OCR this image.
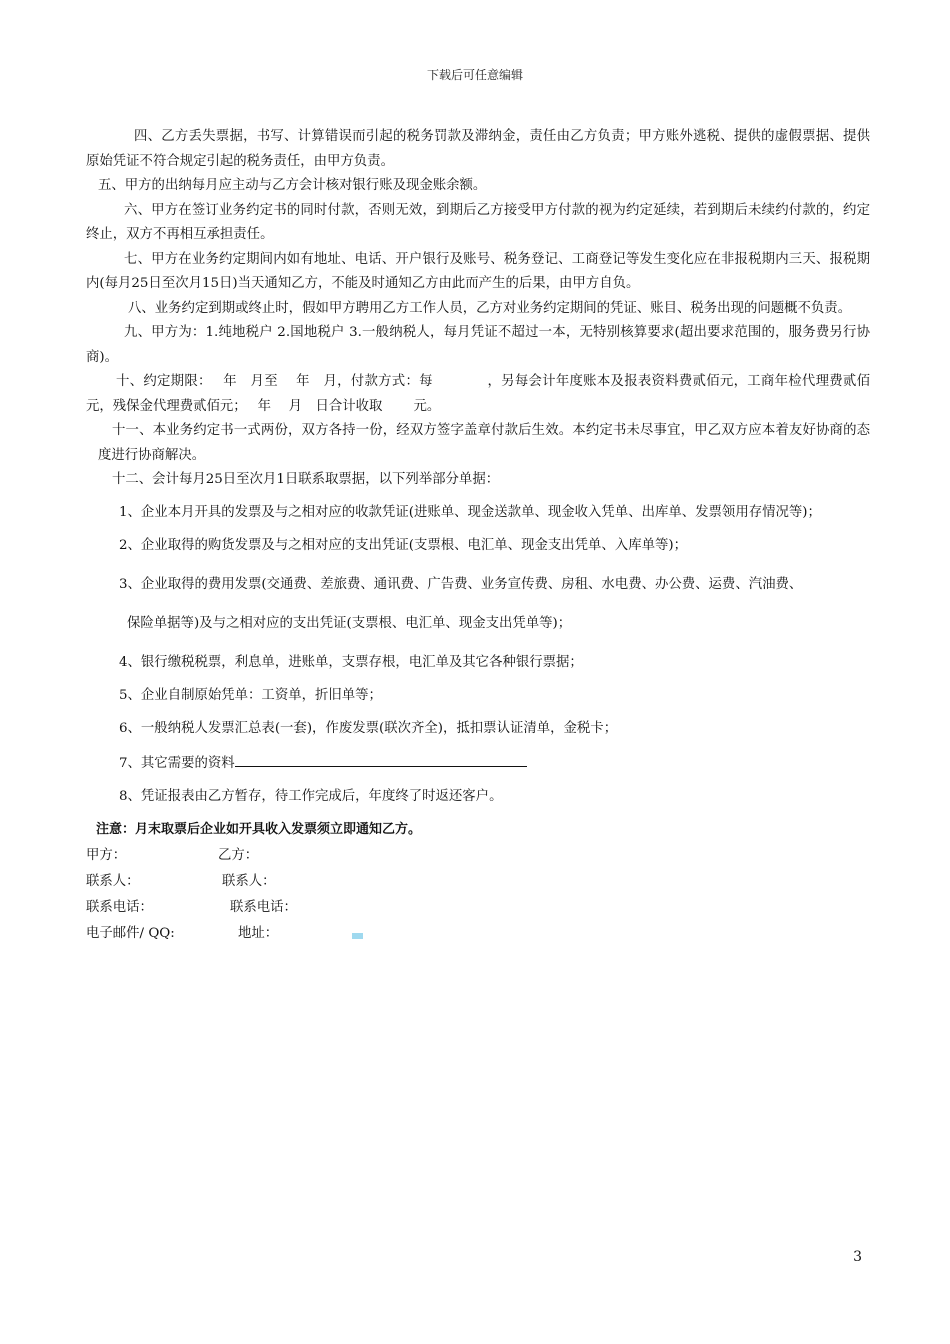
下载后可任意编辑

四、乙方丢失票据，书写、计算错误而引起的税务罚款及滞纳金，责任由乙方负责；甲方账外逃税、提供的虚假票据、提供原始凭证不符合规定引起的税务责任，由甲方负责。

五、甲方的出纳每月应主动与乙方会计核对银行账及现金账余额。

六、甲方在签订业务约定书的同时付款，否则无效，到期后乙方接受甲方付款的视为约定延续，若到期后未续约付款的，约定终止，双方不再相互承担责任。

七、甲方在业务约定期间内如有地址、电话、开户银行及账号、税务登记、工商登记等发生变化应在非报税期内三天、报税期内(每月25日至次月15日)当天通知乙方，不能及时通知乙方由此而产生的后果，由甲方自负。

八、业务约定到期或终止时，假如甲方聘用乙方工作人员，乙方对业务约定期间的凭证、账目、税务出现的问题概不负责。

九、甲方为：1.纯地税户 2.国地税户 3.一般纳税人，每月凭证不超过一本，无特别核算要求(超出要求范围的，服务费另行协商)。

十、约定期限：　 年　月至　 年　月，付款方式：每　　　　，另每会计年度账本及报表资料费贰佰元，工商年检代理费贰佰元，残保金代理费贰佰元；　 年　 月　日合计收取　　 元。

十一、本业务约定书一式两份，双方各持一份，经双方签字盖章付款后生效。本约定书未尽事宜，甲乙双方应本着友好协商的态度进行协商解决。

十二、会计每月25日至次月1日联系取票据，以下列举部分单据：

1、企业本月开具的发票及与之相对应的收款凭证(进账单、现金送款单、现金收入凭单、出库单、发票领用存情况等)；

2、企业取得的购货发票及与之相对应的支出凭证(支票根、电汇单、现金支出凭单、入库单等)；

3、企业取得的费用发票(交通费、差旅费、通讯费、广告费、业务宣传费、房租、水电费、办公费、运费、汽油费、

保险单据等)及与之相对应的支出凭证(支票根、电汇单、现金支出凭单等)；

4、银行缴税税票，利息单，进账单，支票存根，电汇单及其它各种银行票据；

5、企业自制原始凭单：工资单，折旧单等；

6、一般纳税人发票汇总表(一套)，作废发票(联次齐全)，抵扣票认证清单，金税卡；

7、其它需要的资料

8、凭证报表由乙方暂存，待工作完成后，年度终了时返还客户。

注意：月末取票后企业如开具收入发票须立即通知乙方。
甲方：	乙方：
联系人：	联系人：
联系电话：	联系电话：
电子邮件/ QQ:	地址：
3
